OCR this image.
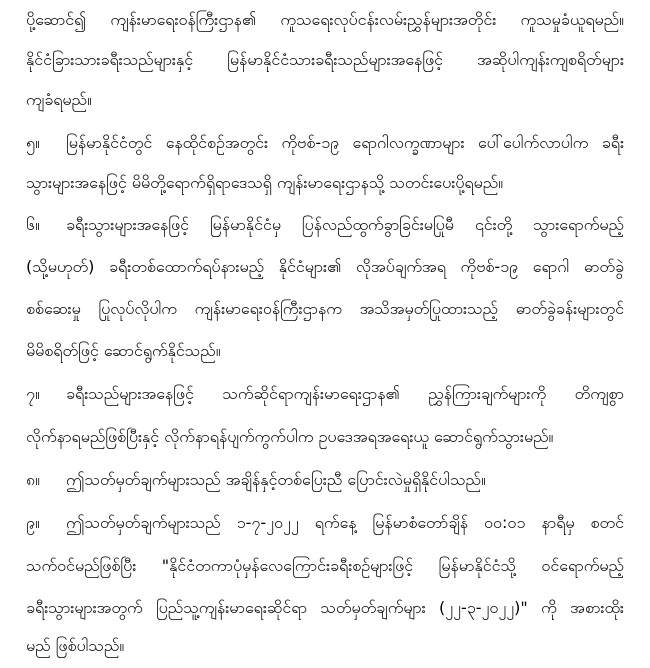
ပို့ဆောင်၍ ကျန်းမာရေးဝန်ကြီးဌာန၏ ကူသရေးလုပ်ငန်းလမ်းညွှန်များအတိုင်း ကူသမှုခံယူရမည်။
နိုင်ငံခြားသားခရီးသည်များနှင့် မြန်မာနိုင်ငံသားခရီးသည်များအနေဖြင့် အဆိုပါကျန်းကျစရိတ်များ
ကျခံရမည်။
၅။ မြန်မာနိုင်ငံတွင် နေထိုင်စဉ်အတွင်း ကိုဗစ်-၁၉ ရောဂါလက္ခဏာများ ပေါ်ပေါက်လာပါက ခရီး
သွားများအနေဖြင့် မိမိတို့ရောက်ရှိရာဒေသရှိ ကျန်းမာရေးဌာနသို့ သတင်းပေးပို့ရမည်။
၆။ ခရီးသွားများအနေဖြင့် မြန်မာနိုင်ငံမှ ပြန်လည်ထွက်ခွာခြင်းမပြုမီ ၎င်းတို့ သွားရောက်မည့်
(သို့မဟုတ်) ခရီးတစ်ထောက်ရပ်နားမည့် နိုင်ငံများ၏ လိုအပ်ချက်အရ ကိုဗစ်-၁၉ ရောဂါ ဓာတ်ခွဲ
စစ်ဆေးမှု ပြုလုပ်လိုပါက ကျန်းမာရေးဝန်ကြီးဌာနက အသိအမှတ်ပြုထားသည့် ဓာတ်ခွဲခန်းများတွင်
မိမိစရိတ်ဖြင့် ဆောင်ရွက်နိုင်သည်။
၇။ ခရီးသည်များအနေဖြင့် သက်ဆိုင်ရာကျန်းမာရေးဌာန၏ ညွှန်ကြားချက်များကို တိကျစွာ
လိုက်နာရမည်ဖြစ်ပြီးနှင့် လိုက်နာရန်ပျက်ကွက်ပါက ဥပဒေအရအရေးယူ ဆောင်ရွက်သွားမည်။
၈။ ဤသတ်မှတ်ချက်များသည် အချိန်နှင့်တစ်ပြေးညီ ပြောင်းလဲမှုရှိနိုင်ပါသည်။
၉။ ဤသတ်မှတ်ချက်များသည် ၁-၇-၂၀၂၂ ရက်နေ့ မြန်မာစံတော်ချိန် ၀၀:၀၁ နာရီမှ စတင်
သက်ဝင်မည်ဖြစ်ပြီး "နိုင်ငံတကာပုံမှန်လေကြောင်းခရီးစဉ်များဖြင့် မြန်မာနိုင်ငံသို့ ဝင်ရောက်မည့်
ခရီးသွားများအတွက် ပြည်သူ့ကျန်းမာရေးဆိုင်ရာ သတ်မှတ်ချက်များ (၂၂-၃-၂၀၂၂)" ကို အစားထိုး
မည် ဖြစ်ပါသည်။
